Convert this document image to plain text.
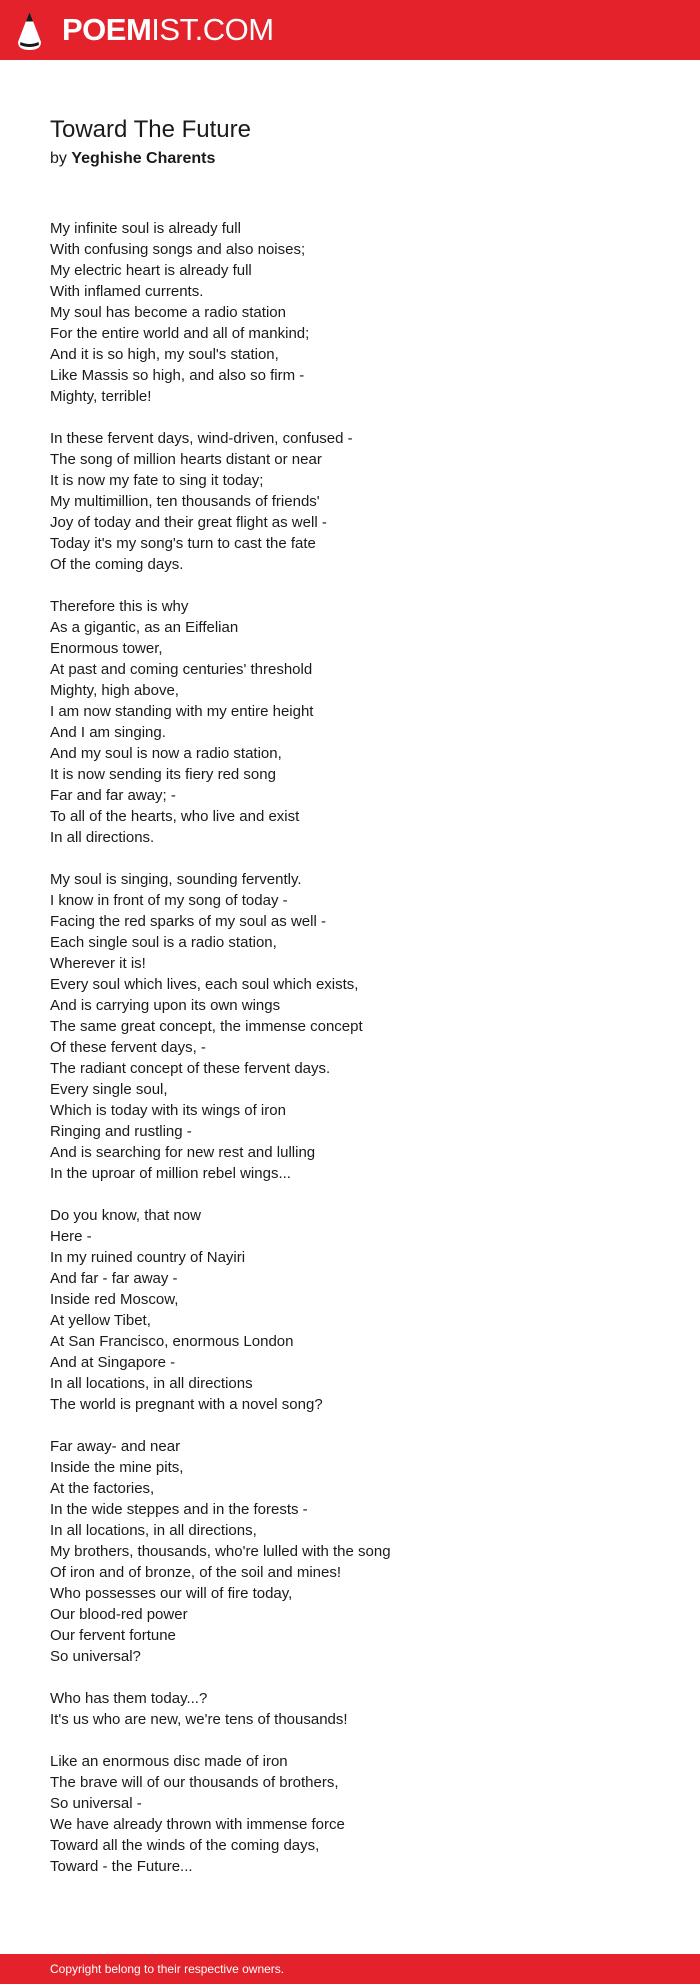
POEMIST.COM
Toward The Future
by Yeghishe Charents
My infinite soul is already full
With confusing songs and also noises;
My electric heart is already full
With inflamed currents.
My soul has become a radio station
For the entire world and all of mankind;
And it is so high, my soul's station,
Like Massis so high, and also so firm -
Mighty, terrible!
In these fervent days, wind-driven, confused -
The song of million hearts distant or near
It is now my fate to sing it today;
My multimillion, ten thousands of friends'
Joy of today and their great flight as well -
Today it's my song's turn to cast the fate
Of the coming days.
Therefore this is why
As a gigantic, as an Eiffelian
Enormous tower,
At past and coming centuries' threshold
Mighty, high above,
I am now standing with my entire height
And I am singing.
And my soul is now a radio station,
It is now sending its fiery red song
Far and far away; -
To all of the hearts, who live and exist
In all directions.
My soul is singing, sounding fervently.
I know in front of my song of today -
Facing the red sparks of my soul as well -
Each single soul is a radio station,
Wherever it is!
Every soul which lives, each soul which exists,
And is carrying upon its own wings
The same great concept, the immense concept
Of these fervent days, -
The radiant concept of these fervent days.
Every single soul,
Which is today with its wings of iron
Ringing and rustling -
And is searching for new rest and lulling
In the uproar of million rebel wings...
Do you know, that now
Here -
In my ruined country of Nayiri
And far - far away -
Inside red Moscow,
At yellow Tibet,
At San Francisco, enormous London
And at Singapore -
In all locations, in all directions
The world is pregnant with a novel song?
Far away- and near
Inside the mine pits,
At the factories,
In the wide steppes and in the forests -
In all locations, in all directions,
My brothers, thousands, who're lulled with the song
Of iron and of bronze, of the soil and mines!
Who possesses our will of fire today,
Our blood-red power
Our fervent fortune
So universal?
Who has them today...?
It's us who are new, we're tens of thousands!
Like an enormous disc made of iron
The brave will of our thousands of brothers,
So universal -
We have already thrown with immense force
Toward all the winds of the coming days,
Toward - the Future...
Copyright belong to their respective owners.
